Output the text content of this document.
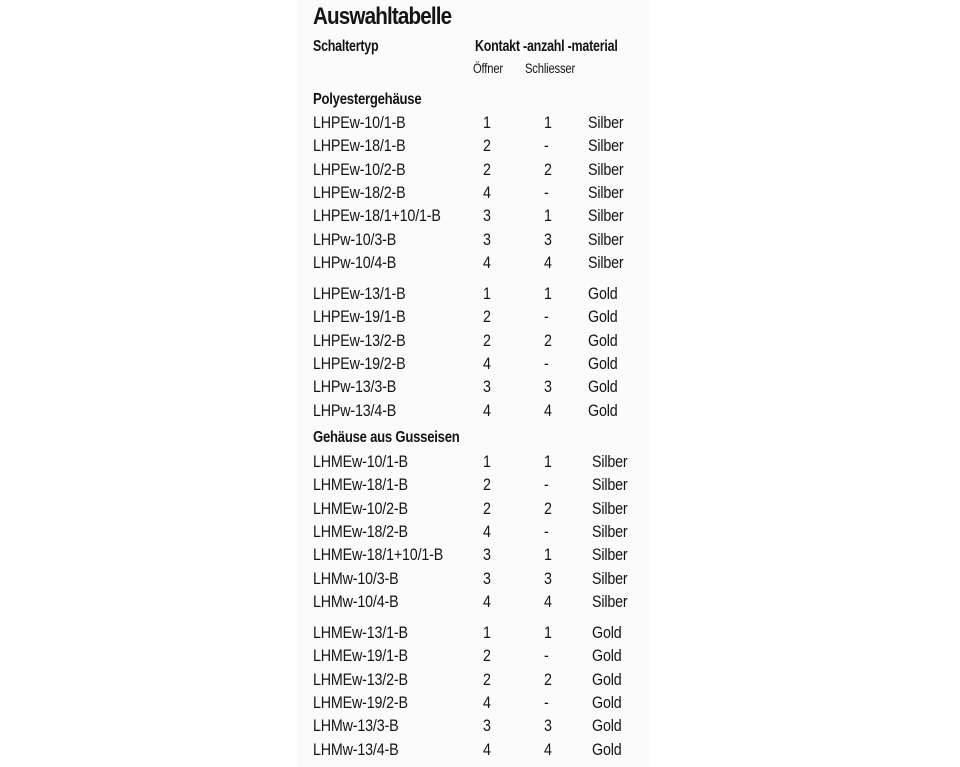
Auswahltabelle
Schaltertyp	Kontakt -anzahl -material
Öffner Schliesser
Polyestergehäuse
LHPEw-10/1-B	1	1 Silber
LHPEw-18/1-B	2	- Silber
LHPEw-10/2-B	2	2 Silber
LHPEw-18/2-B	4	- Silber
LHPEw-18/1+10/1-B 3	1 Silber
LHPw-10/3-B	3	3 Silber
LHPw-10/4-B	4	4 Silber
LHPEw-13/1-B	1	1 Gold
LHPEw-19/1-B	2	- Gold
LHPEw-13/2-B	2	2 Gold
LHPEw-19/2-B	4	- Gold
LHPw-13/3-B	3	3 Gold
LHPw-13/4-B	4	4 Gold
Gehäuse aus Gusseisen
LHMEw-10/1-B	1	1 Silber
LHMEw-18/1-B	2	-	Silber
LHMEw-10/2-B	2	2 Silber
LHMEw-18/2-B	4	-	Silber
LHMEw-18/1+10/1-B 3	1 Silber
LHMw-10/3-B	3	3 Silber
LHMw-10/4-B	4	4 Silber
LHMEw-13/1-B	1	1 Gold
LHMEw-19/1-B	2	-	Gold
LHMEw-13/2-B	2	2 Gold
LHMEw-19/2-B	4	-	Gold
LHMw-13/3-B	3	3 Gold
LHMw-13/4-B	4	4 Gold
